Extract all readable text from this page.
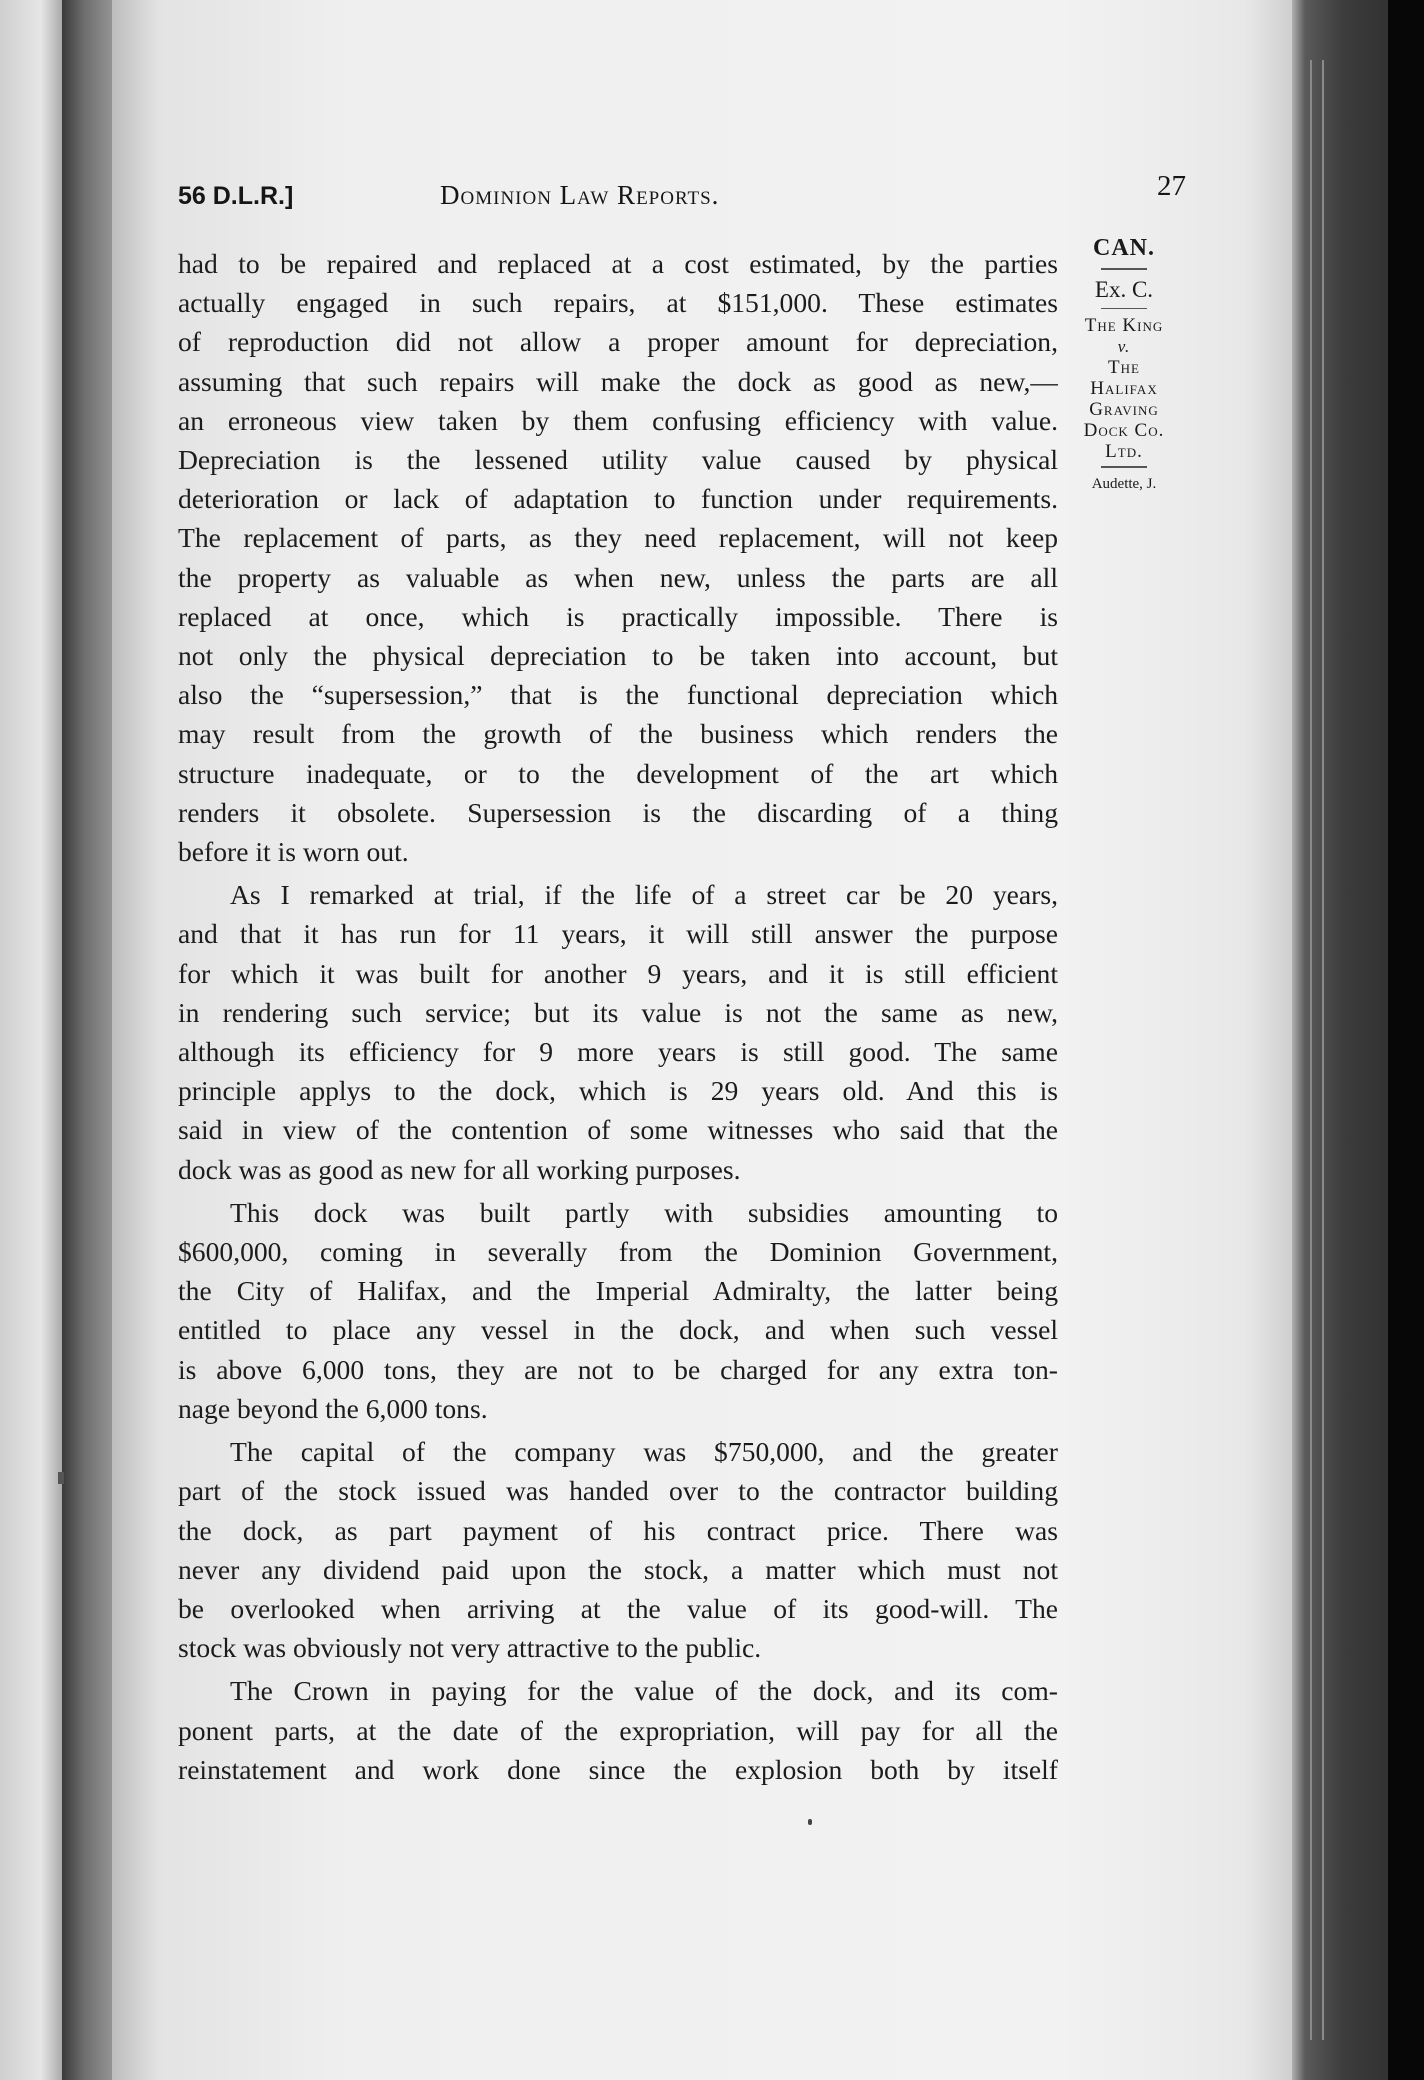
56 D.L.R.]	Dominion Law Reports.	27
CAN.
Ex. C.
The King
v.
The
Halifax
Graving
Dock Co.
Ltd.
Audette, J.
had to be repaired and replaced at a cost estimated, by the parties
actually engaged in such repairs, at $151,000. These estimates
of reproduction did not allow a proper amount for depreciation,
assuming that such repairs will make the dock as good as new,—
an erroneous view taken by them confusing efficiency with value.
Depreciation is the lessened utility value caused by physical
deterioration or lack of adaptation to function under requirements.
The replacement of parts, as they need replacement, will not keep
the property as valuable as when new, unless the parts are all
replaced at once, which is practically impossible. There is
not only the physical depreciation to be taken into account, but
also the “supersession,” that is the functional depreciation which
may result from the growth of the business which renders the
structure inadequate, or to the development of the art which
renders it obsolete. Supersession is the discarding of a thing
before it is worn out.
As I remarked at trial, if the life of a street car be 20 years,
and that it has run for 11 years, it will still answer the purpose
for which it was built for another 9 years, and it is still efficient
in rendering such service; but its value is not the same as new,
although its efficiency for 9 more years is still good. The same
principle applys to the dock, which is 29 years old. And this is
said in view of the contention of some witnesses who said that the
dock was as good as new for all working purposes.
This dock was built partly with subsidies amounting to
$600,000, coming in severally from the Dominion Government,
the City of Halifax, and the Imperial Admiralty, the latter being
entitled to place any vessel in the dock, and when such vessel
is above 6,000 tons, they are not to be charged for any extra ton-
nage beyond the 6,000 tons.
The capital of the company was $750,000, and the greater
part of the stock issued was handed over to the contractor building
the dock, as part payment of his contract price. There was
never any dividend paid upon the stock, a matter which must not
be overlooked when arriving at the value of its good-will. The
stock was obviously not very attractive to the public.
The Crown in paying for the value of the dock, and its com-
ponent parts, at the date of the expropriation, will pay for all the
reinstatement and work done since the explosion both by itself
